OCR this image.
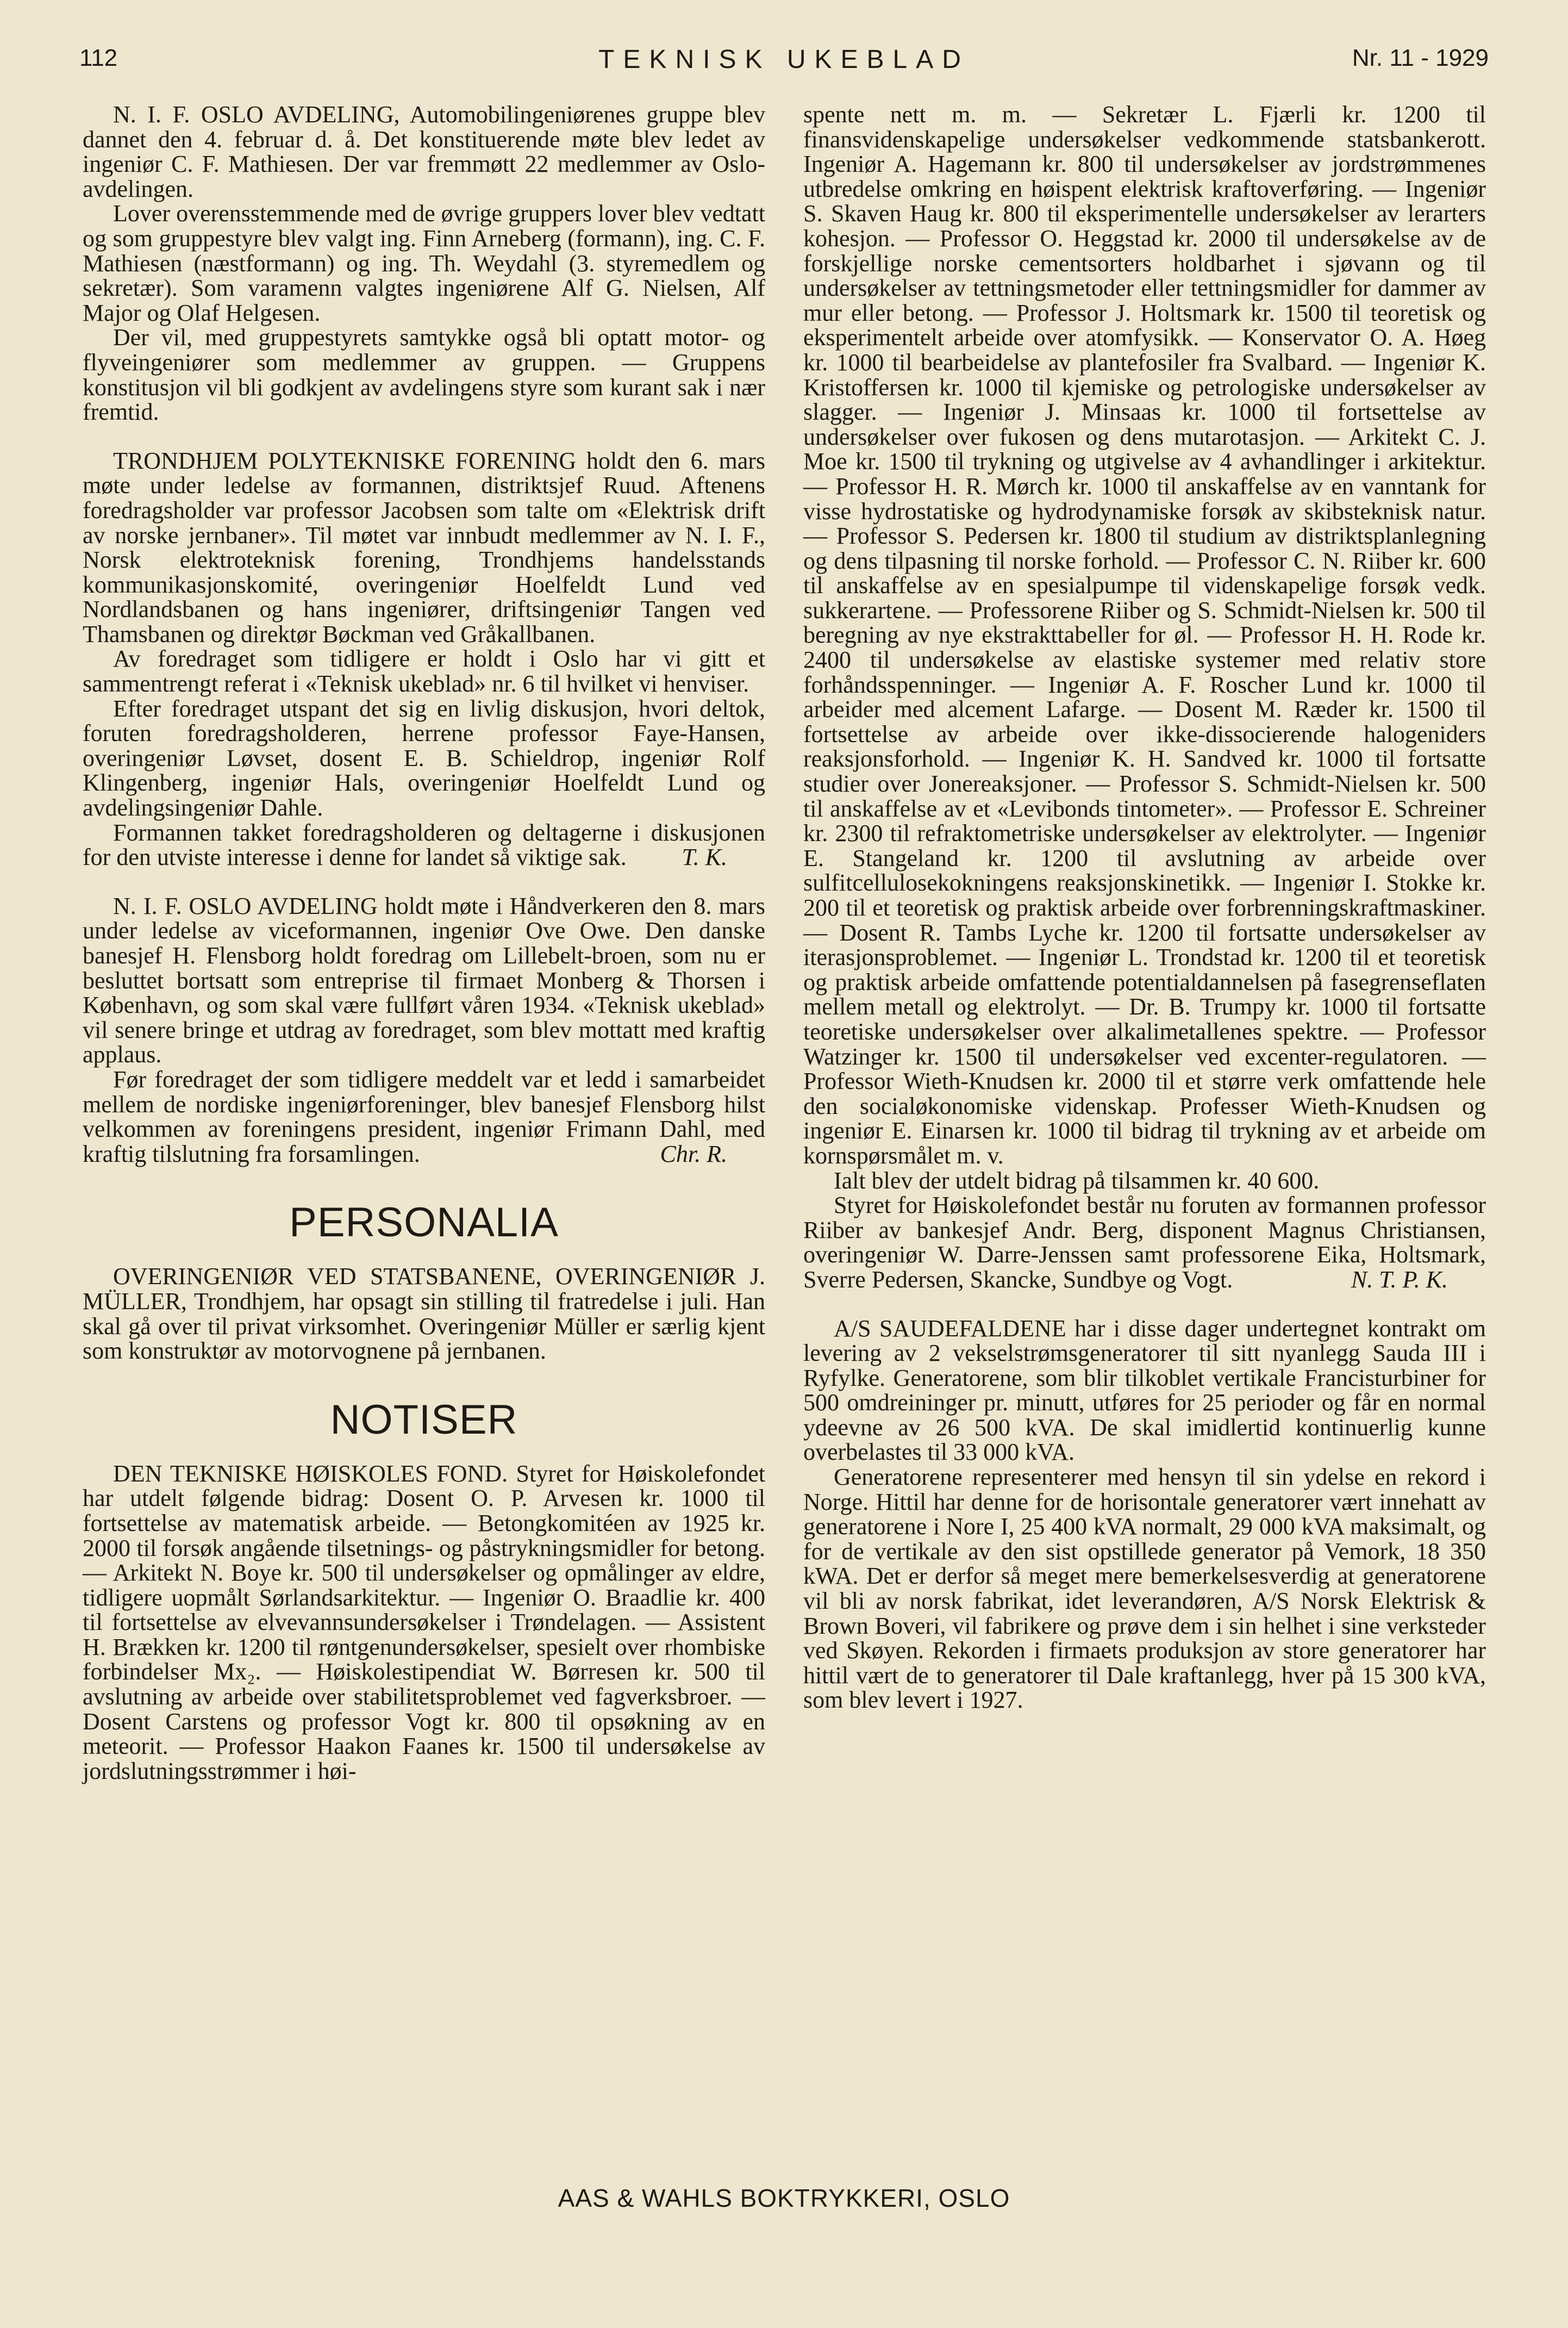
112	TEKNISK UKEBLAD	Nr. 11 - 1929

N. I. F. OSLO AVDELING, Automobilingeniørenes gruppe blev dannet den 4. februar d. å. Det konstituerende møte blev ledet av ingeniør C. F. Mathiesen. Der var fremmøtt 22 medlemmer av Oslo-avdelingen.

Lover overensstemmende med de øvrige gruppers lover blev vedtatt og som gruppestyre blev valgt ing. Finn Arneberg (formann), ing. C. F. Mathiesen (næstformann) og ing. Th. Weydahl (3. styremedlem og sekretær). Som varamenn valgtes ingeniørene Alf G. Nielsen, Alf Major og Olaf Helgesen.

Der vil, med gruppestyrets samtykke også bli optatt motor- og flyveingeniører som medlemmer av gruppen. — Gruppens konstitusjon vil bli godkjent av avdelingens styre som kurant sak i nær fremtid.

TRONDHJEM POLYTEKNISKE FORENING holdt den 6. mars møte under ledelse av formannen, distriktsjef Ruud. Aftenens foredragsholder var professor Jacobsen som talte om «Elektrisk drift av norske jernbaner». Til møtet var innbudt medlemmer av N. I. F., Norsk elektroteknisk forening, Trondhjems handelsstands kommunikasjonskomité, overingeniør Hoelfeldt Lund ved Nordlandsbanen og hans ingeniører, driftsingeniør Tangen ved Thamsbanen og direktør Bøckman ved Gråkallbanen.

Av foredraget som tidligere er holdt i Oslo har vi gitt et sammentrengt referat i «Teknisk ukeblad» nr. 6 til hvilket vi henviser.

Efter foredraget utspant det sig en livlig diskusjon, hvori deltok, foruten foredragsholderen, herrene professor Faye-Hansen, overingeniør Løvset, dosent E. B. Schieldrop, ingeniør Rolf Klingenberg, ingeniør Hals, overingeniør Hoelfeldt Lund og avdelingsingeniør Dahle.

Formannen takket foredragsholderen og deltagerne i diskusjonen for den utviste interesse i denne for landet så viktige sak.	T. K.

N. I. F. OSLO AVDELING holdt møte i Håndverkeren den 8. mars under ledelse av viceformannen, ingeniør Ove Owe. Den danske banesjef H. Flensborg holdt foredrag om Lillebelt-broen, som nu er besluttet bortsatt som entreprise til firmaet Monberg & Thorsen i København, og som skal være fullført våren 1934. «Teknisk ukeblad» vil senere bringe et utdrag av foredraget, som blev mottatt med kraftig applaus.

Før foredraget der som tidligere meddelt var et ledd i samarbeidet mellem de nordiske ingeniørforeninger, blev banesjef Flensborg hilst velkommen av foreningens president, ingeniør Frimann Dahl, med kraftig tilslutning fra forsamlingen.	Chr. R.

PERSONALIA

OVERINGENIØR VED STATSBANENE, OVERINGENIØR J. MÜLLER, Trondhjem, har opsagt sin stilling til fratredelse i juli. Han skal gå over til privat virksomhet. Overingeniør Müller er særlig kjent som konstruktør av motorvognene på jernbanen.

NOTISER

DEN TEKNISKE HØISKOLES FOND. Styret for Høiskolefondet har utdelt følgende bidrag: Dosent O. P. Arvesen kr. 1000 til fortsettelse av matematisk arbeide. — Betongkomitéen av 1925 kr. 2000 til forsøk angående tilsetnings- og påstrykningsmidler for betong. — Arkitekt N. Boye kr. 500 til undersøkelser og opmålinger av eldre, tidligere uopmålt Sørlandsarkitektur. — Ingeniør O. Braadlie kr. 400 til fortsettelse av elvevannsundersøkelser i Trøndelagen. — Assistent H. Brækken kr. 1200 til røntgenundersøkelser, spesielt over rhombiske forbindelser Mx₂. — Høiskolestipendiat W. Børresen kr. 500 til avslutning av arbeide over stabilitetsproblemet ved fagverksbroer. — Dosent Carstens og professor Vogt kr. 800 til opsøkning av en meteorit. — Professor Haakon Faanes kr. 1500 til undersøkelse av jordslutningsstrømmer i høi-

spente nett m. m. — Sekretær L. Fjærli kr. 1200 til finansvidenskapelige undersøkelser vedkommende statsbankerott. Ingeniør A. Hagemann kr. 800 til undersøkelser av jordstrømmenes utbredelse omkring en høispent elektrisk kraftoverføring. — Ingeniør S. Skaven Haug kr. 800 til eksperimentelle undersøkelser av lerarters kohesjon. — Professor O. Heggstad kr. 2000 til undersøkelse av de forskjellige norske cementsorters holdbarhet i sjøvann og til undersøkelser av tettningsmetoder eller tettningsmidler for dammer av mur eller betong. — Professor J. Holtsmark kr. 1500 til teoretisk og eksperimentelt arbeide over atomfysikk. — Konservator O. A. Høeg kr. 1000 til bearbeidelse av plantefosiler fra Svalbard. — Ingeniør K. Kristoffersen kr. 1000 til kjemiske og petrologiske undersøkelser av slagger. — Ingeniør J. Minsaas kr. 1000 til fortsettelse av undersøkelser over fukosen og dens mutarotasjon. — Arkitekt C. J. Moe kr. 1500 til trykning og utgivelse av 4 avhandlinger i arkitektur. — Professor H. R. Mørch kr. 1000 til anskaffelse av en vanntank for visse hydrostatiske og hydrodynamiske forsøk av skibsteknisk natur. — Professor S. Pedersen kr. 1800 til studium av distriktsplanlegning og dens tilpasning til norske forhold. — Professor C. N. Riiber kr. 600 til anskaffelse av en spesialpumpe til videnskapelige forsøk vedk. sukkerartene. — Professorene Riiber og S. Schmidt-Nielsen kr. 500 til beregning av nye ekstrakttabeller for øl. — Professor H. H. Rode kr. 2400 til undersøkelse av elastiske systemer med relativ store forhåndsspenninger. — Ingeniør A. F. Roscher Lund kr. 1000 til arbeider med alcement Lafarge. — Dosent M. Ræder kr. 1500 til fortsettelse av arbeide over ikke-dissocierende halogeniders reaksjonsforhold. — Ingeniør K. H. Sandved kr. 1000 til fortsatte studier over Jonereaksjoner. — Professor S. Schmidt-Nielsen kr. 500 til anskaffelse av et «Levibonds tintometer». — Professor E. Schreiner kr. 2300 til refraktometriske undersøkelser av elektrolyter. — Ingeniør E. Stangeland kr. 1200 til avslutning av arbeide over sulfitcellulosekokningens reaksjonskinetikk. — Ingeniør I. Stokke kr. 200 til et teoretisk og praktisk arbeide over forbrenningskraftmaskiner. — Dosent R. Tambs Lyche kr. 1200 til fortsatte undersøkelser av iterasjonsproblemet. — Ingeniør L. Trondstad kr. 1200 til et teoretisk og praktisk arbeide omfattende potentialdannelsen på fasegrenseflaten mellem metall og elektrolyt. — Dr. B. Trumpy kr. 1000 til fortsatte teoretiske undersøkelser over alkalimetallenes spektre. — Professor Watzinger kr. 1500 til undersøkelser ved excenter-regulatoren. — Professor Wieth-Knudsen kr. 2000 til et større verk omfattende hele den socialøkonomiske videnskap. Professer Wieth-Knudsen og ingeniør E. Einarsen kr. 1000 til bidrag til trykning av et arbeide om kornspørsmålet m. v.

Ialt blev der utdelt bidrag på tilsammen kr. 40 600.

Styret for Høiskolefondet består nu foruten av formannen professor Riiber av bankesjef Andr. Berg, disponent Magnus Christiansen, overingeniør W. Darre-Jenssen samt professorene Eika, Holtsmark, Sverre Pedersen, Skancke, Sundbye og Vogt.	N. T. P. K.

A/S SAUDEFALDENE har i disse dager undertegnet kontrakt om levering av 2 vekselstrømsgeneratorer til sitt nyanlegg Sauda III i Ryfylke. Generatorene, som blir tilkoblet vertikale Francisturbiner for 500 omdreininger pr. minutt, utføres for 25 perioder og får en normal ydeevne av 26 500 kVA. De skal imidlertid kontinuerlig kunne overbelastes til 33 000 kVA.

Generatorene representerer med hensyn til sin ydelse en rekord i Norge. Hittil har denne for de horisontale generatorer vært innehatt av generatorene i Nore I, 25 400 kVA normalt, 29 000 kVA maksimalt, og for de vertikale av den sist opstillede generator på Vemork, 18 350 kWA. Det er derfor så meget mere bemerkelsesverdig at generatorene vil bli av norsk fabrikat, idet leverandøren, A/S Norsk Elektrisk & Brown Boveri, vil fabrikere og prøve dem i sin helhet i sine verksteder ved Skøyen. Rekorden i firmaets produksjon av store generatorer har hittil vært de to generatorer til Dale kraftanlegg, hver på 15 300 kVA, som blev levert i 1927.

AAS & WAHLS BOKTRYKKERI, OSLO
